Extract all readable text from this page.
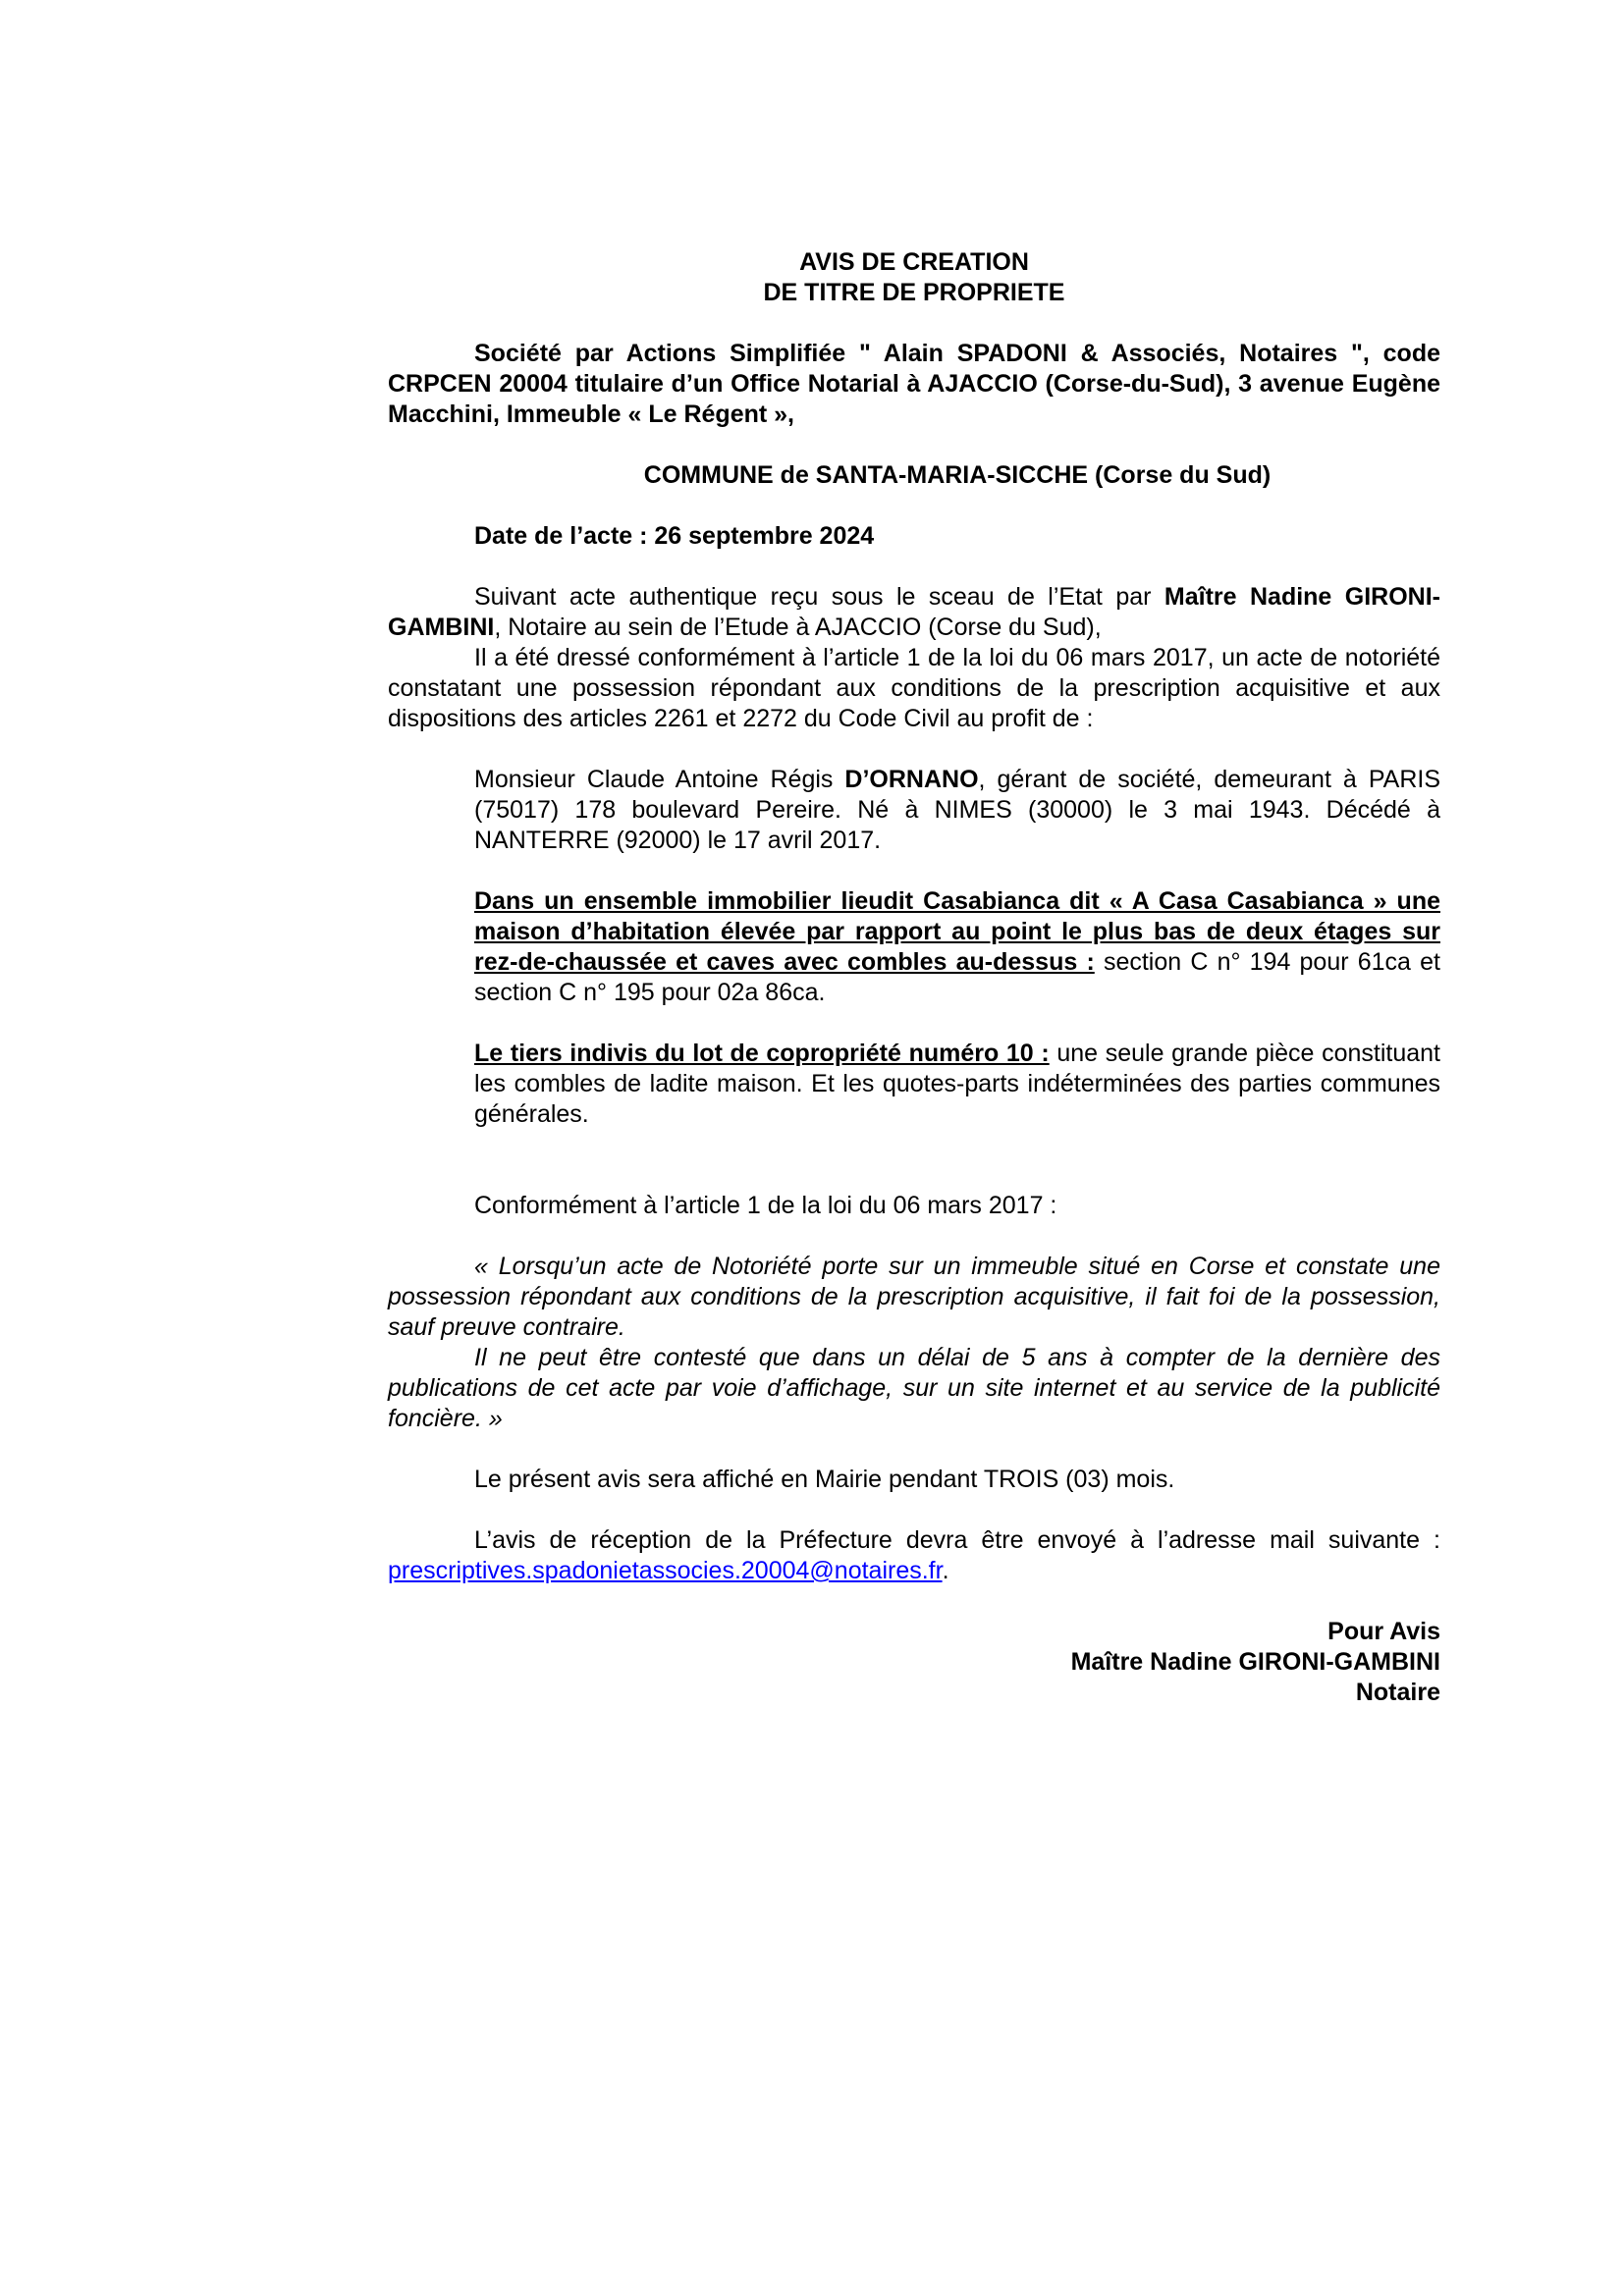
AVIS DE CREATION
DE TITRE DE PROPRIETE

Société par Actions Simplifiée " Alain SPADONI & Associés, Notaires ", code CRPCEN 20004 titulaire d’un Office Notarial à AJACCIO (Corse-du-Sud), 3 avenue Eugène Macchini, Immeuble « Le Régent »,

COMMUNE de SANTA-MARIA-SICCHE (Corse du Sud)

Date de l’acte : 26 septembre 2024

Suivant acte authentique reçu sous le sceau de l’Etat par Maître Nadine GIRONI-GAMBINI, Notaire au sein de l’Etude à AJACCIO (Corse du Sud),

Il a été dressé conformément à l’article 1 de la loi du 06 mars 2017, un acte de notoriété constatant une possession répondant aux conditions de la prescription acquisitive et aux dispositions des articles 2261 et 2272 du Code Civil au profit de :

Monsieur Claude Antoine Régis D’ORNANO, gérant de société, demeurant à PARIS (75017) 178 boulevard Pereire. Né à NIMES (30000) le 3 mai 1943. Décédé à NANTERRE (92000) le 17 avril 2017.

Dans un ensemble immobilier lieudit Casabianca dit « A Casa Casabianca » une maison d’habitation élevée par rapport au point le plus bas de deux étages sur rez-de-chaussée et caves avec combles au-dessus : section C n° 194 pour 61ca et section C n° 195 pour 02a 86ca.

Le tiers indivis du lot de copropriété numéro 10 : une seule grande pièce constituant les combles de ladite maison. Et les quotes-parts indéterminées des parties communes générales.

Conformément à l’article 1 de la loi du 06 mars 2017 :

« Lorsqu’un acte de Notoriété porte sur un immeuble situé en Corse et constate une possession répondant aux conditions de la prescription acquisitive, il fait foi de la possession, sauf preuve contraire.

Il ne peut être contesté que dans un délai de 5 ans à compter de la dernière des publications de cet acte par voie d’affichage, sur un site internet et au service de la publicité foncière. »

Le présent avis sera affiché en Mairie pendant TROIS (03) mois.

L’avis de réception de la Préfecture devra être envoyé à l’adresse mail suivante : prescriptives.spadonietassocies.20004@notaires.fr.

Pour Avis
Maître Nadine GIRONI-GAMBINI
Notaire
